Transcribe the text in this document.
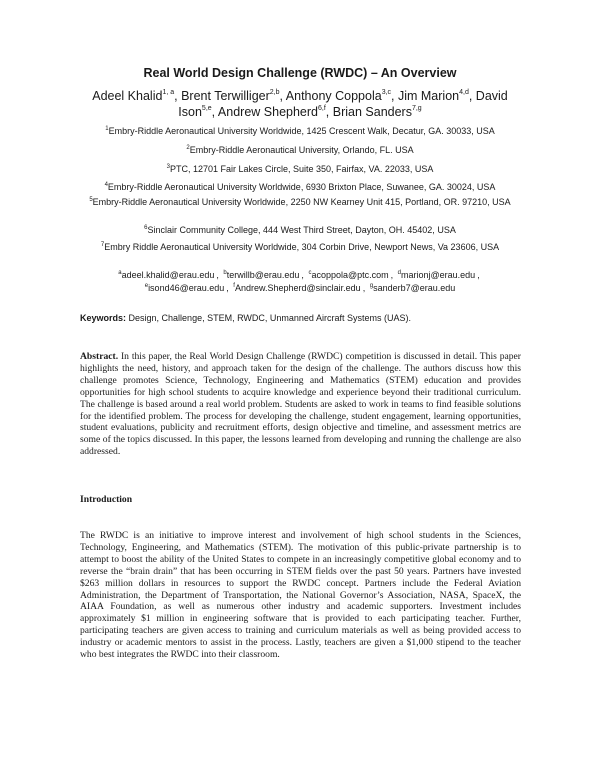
Real World Design Challenge (RWDC) – An Overview
Adeel Khalid$^{1, a}$, Brent Terwilliger$^{2,b}$, Anthony Coppola$^{3,c}$, Jim Marion$^{4,d}$, David Ison$^{5,e}$, Andrew Shepherd$^{6,f}$, Brian Sanders$^{7,g}$
$^1$Embry-Riddle Aeronautical University Worldwide, 1425 Crescent Walk, Decatur, GA. 30033, USA
$^2$Embry-Riddle Aeronautical University, Orlando, FL. USA
$^3$PTC, 12701 Fair Lakes Circle, Suite 350, Fairfax, VA. 22033, USA
$^4$Embry-Riddle Aeronautical University Worldwide, 6930 Brixton Place, Suwanee, GA. 30024, USA
$^5$Embry-Riddle Aeronautical University Worldwide, 2250 NW Kearney Unit 415, Portland, OR. 97210, USA
$^6$Sinclair Community College, 444 West Third Street, Dayton, OH. 45402, USA
$^7$Embry Riddle Aeronautical University Worldwide, 304 Corbin Drive, Newport News, Va 23606, USA
$^a$adeel.khalid@erau.edu , $^b$terwillb@erau.edu , $^c$acoppola@ptc.com , $^d$marionj@erau.edu ,
$^e$isond46@erau.edu , $^f$Andrew.Shepherd@sinclair.edu , $^g$sanderb7@erau.edu
Keywords: Design, Challenge, STEM, RWDC, Unmanned Aircraft Systems (UAS).
Abstract. In this paper, the Real World Design Challenge (RWDC) competition is discussed in detail. This paper highlights the need, history, and approach taken for the design of the challenge. The authors discuss how this challenge promotes Science, Technology, Engineering and Mathematics (STEM) education and provides opportunities for high school students to acquire knowledge and experience beyond their traditional curriculum. The challenge is based around a real world problem. Students are asked to work in teams to find feasible solutions for the identified problem. The process for developing the challenge, student engagement, learning opportunities, student evaluations, publicity and recruitment efforts, design objective and timeline, and assessment metrics are some of the topics discussed. In this paper, the lessons learned from developing and running the challenge are also addressed.
Introduction
The RWDC is an initiative to improve interest and involvement of high school students in the Sciences, Technology, Engineering, and Mathematics (STEM). The motivation of this public-private partnership is to attempt to boost the ability of the United States to compete in an increasingly competitive global economy and to reverse the “brain drain” that has been occurring in STEM fields over the past 50 years. Partners have invested $263 million dollars in resources to support the RWDC concept. Partners include the Federal Aviation Administration, the Department of Transportation, the National Governor’s Association, NASA, SpaceX, the AIAA Foundation, as well as numerous other industry and academic supporters. Investment includes approximately $1 million in engineering software that is provided to each participating teacher. Further, participating teachers are given access to training and curriculum materials as well as being provided access to industry or academic mentors to assist in the process. Lastly, teachers are given a $1,000 stipend to the teacher who best integrates the RWDC into their classroom.
